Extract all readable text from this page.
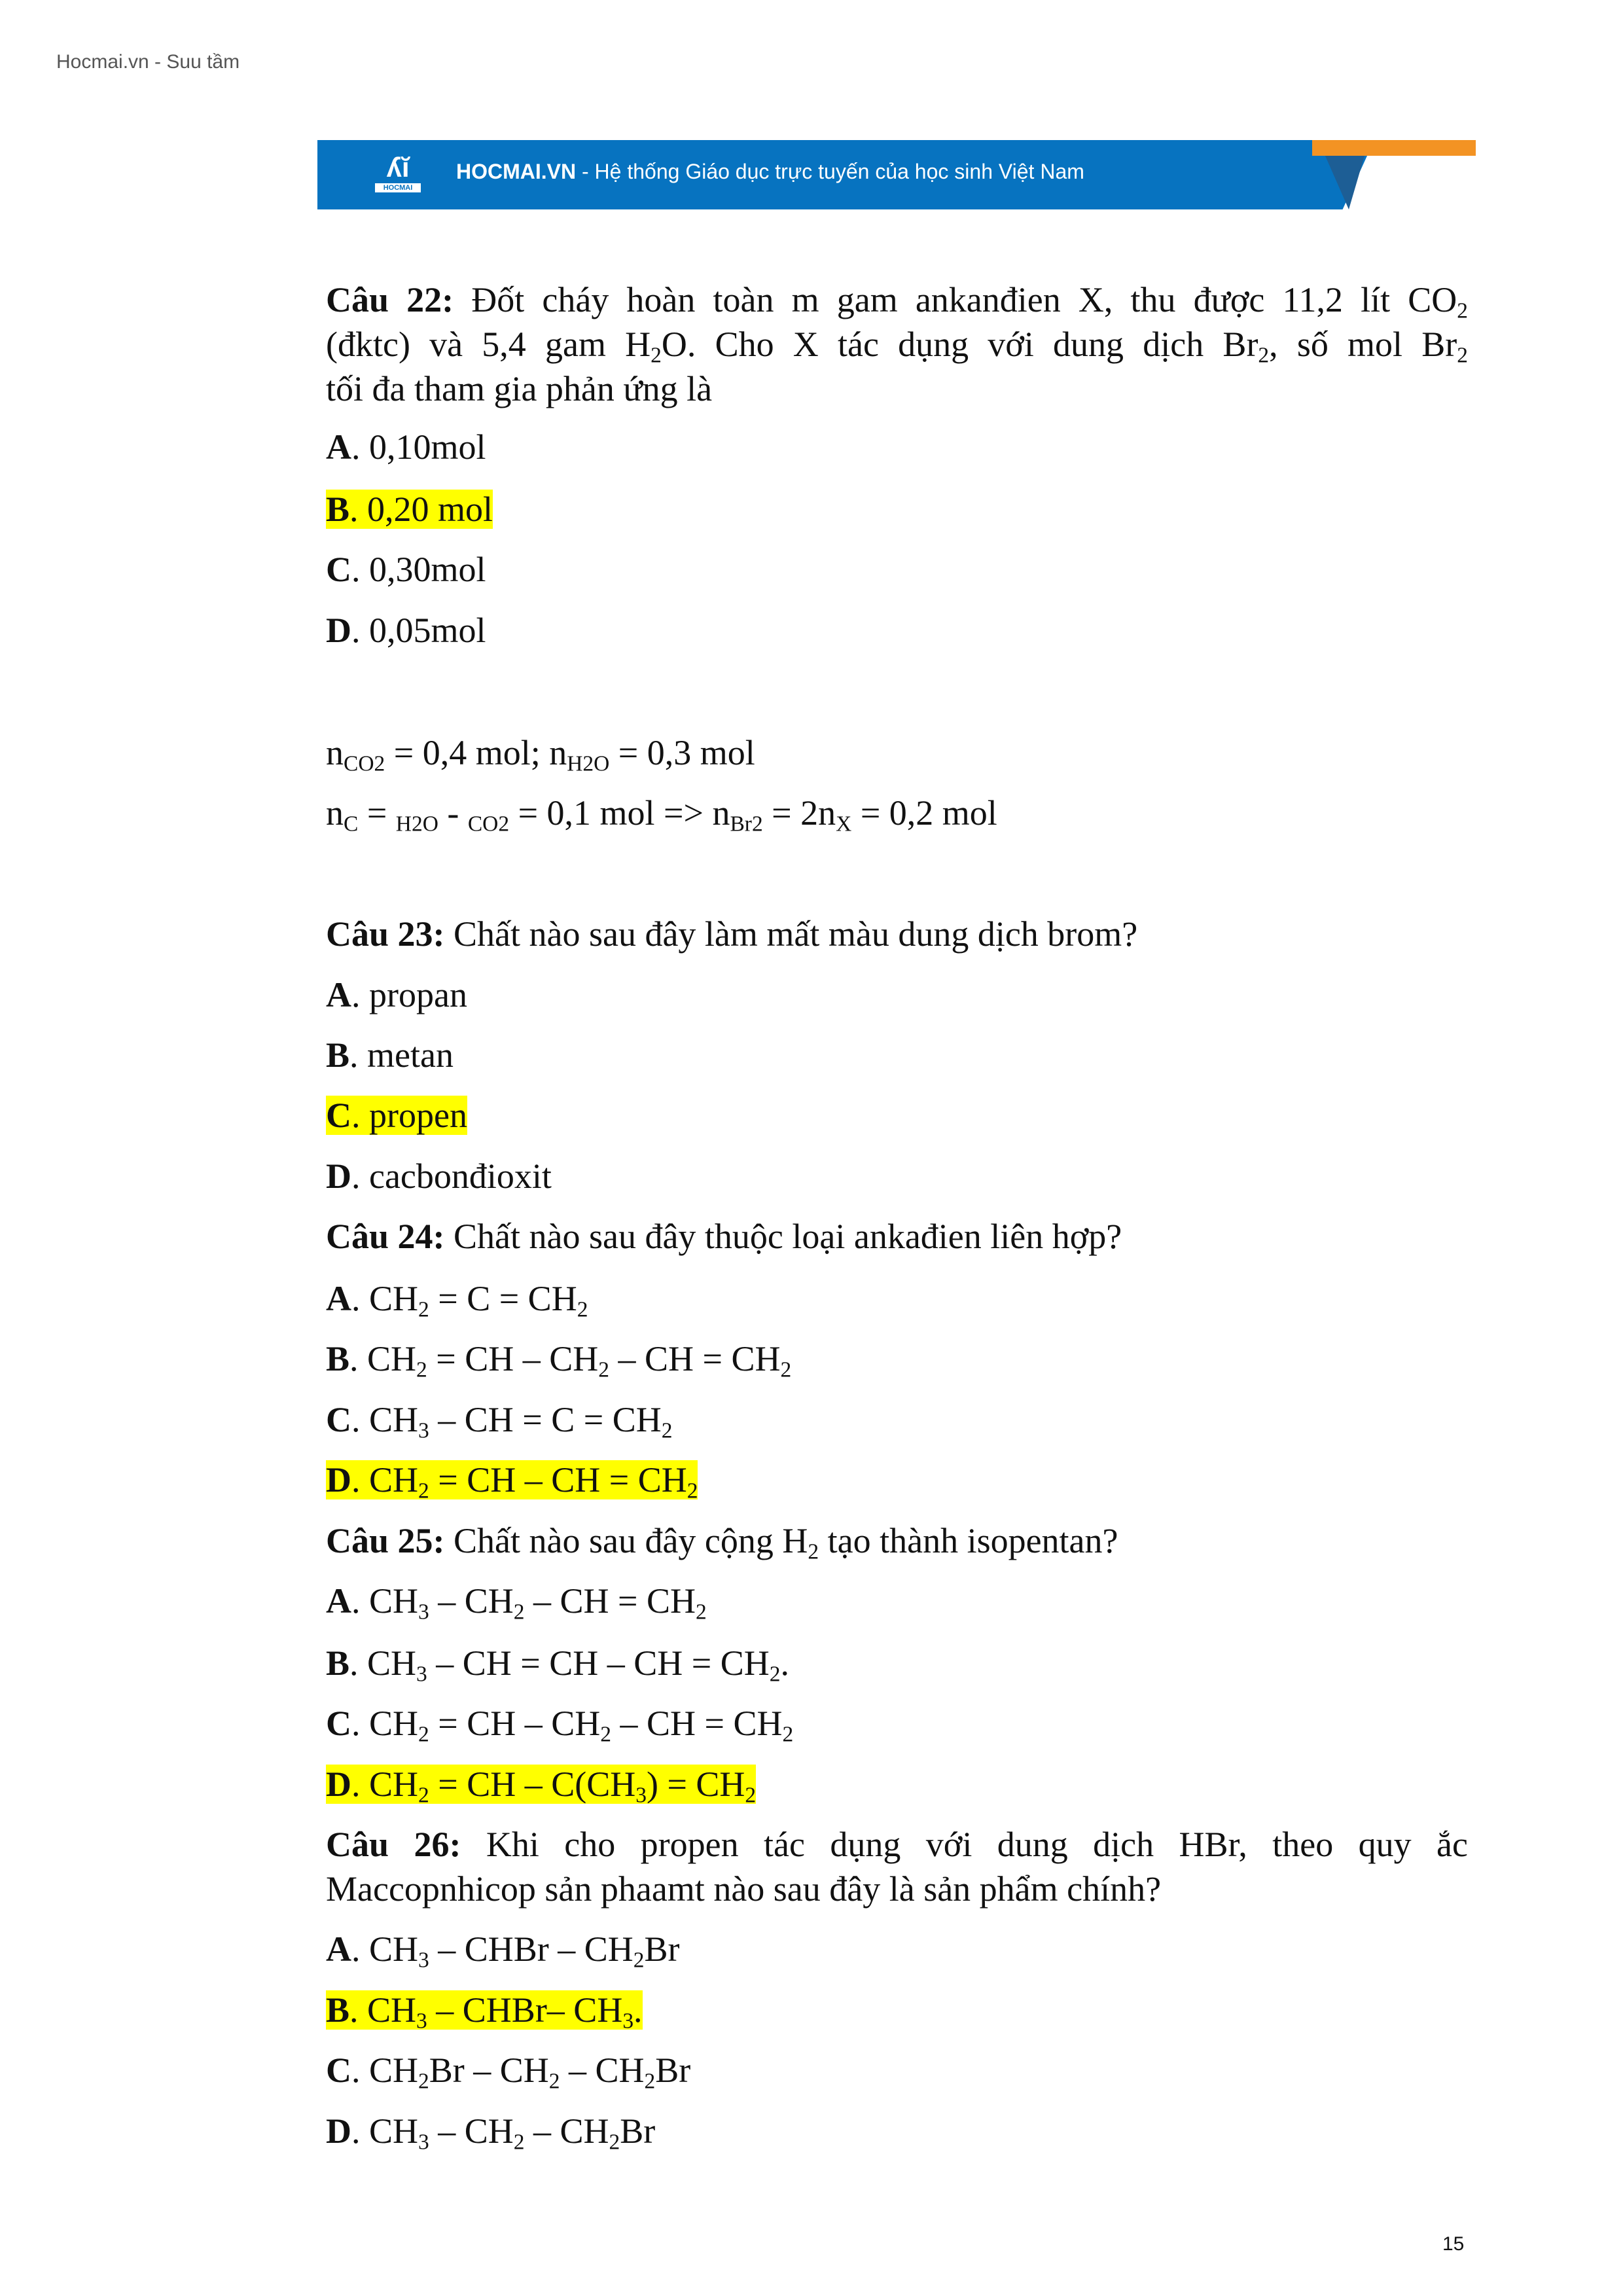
Hocmai.vn - Suu tầm
ʎĭ
HOCMAI
HOCMAI.VN - Hệ thống Giáo dục trực tuyến của học sinh Việt Nam
Câu 22: Đốt cháy hoàn toàn m gam ankanđien X, thu được 11,2 lít $CO_2$
(đktc) và 5,4 gam $H_2O$. Cho X tác dụng với dung dịch $Br_2$, số mol $Br_2$
tối đa tham gia phản ứng là
A. 0,10mol
B. 0,20 mol
C. 0,30mol
D. 0,05mol
$n_{CO2} = 0,4$ mol; $n_{H2O} = 0,3$ mol
$n_C = _{H2O} - _{CO2} = 0,1$ mol => $n_{Br2} = 2n_X = 0,2$ mol
Câu 23: Chất nào sau đây làm mất màu dung dịch brom?
A. propan
B. metan
C. propen
D. cacbonđioxit
Câu 24: Chất nào sau đây thuộc loại ankađien liên hợp?
A. $CH_2 = C = CH_2$
B. $CH_2$ = CH – $CH_2$ – CH = $CH_2$
C. $CH_3$ – CH = $C = CH_2$
D. $CH_2$ = CH – CH = $CH_2$
Câu 25: Chất nào sau đây cộng $H_2$ tạo thành isopentan?
A. $CH_3 - CH_2$ – CH = $CH_2$
B. $CH_3$ – CH = CH – CH = $CH_2$.
C. $CH_2$ = CH – $CH_2$ – CH = $CH_2$
D. $CH_2$ = CH – $C(CH_3) = CH_2$
Câu 26: Khi cho propen tác dụng với dung dịch HBr, theo quy ắc
Maccopnhicop sản phaamt nào sau đây là sản phẩm chính?
A. $CH_3$ – CHBr – $CH_2Br$
B. $CH_3$ – CHBr– $CH_3$.
C. $CH_2Br - CH_2 - CH_2Br$
D. $CH_3 - CH_2 - CH_2Br$
15
